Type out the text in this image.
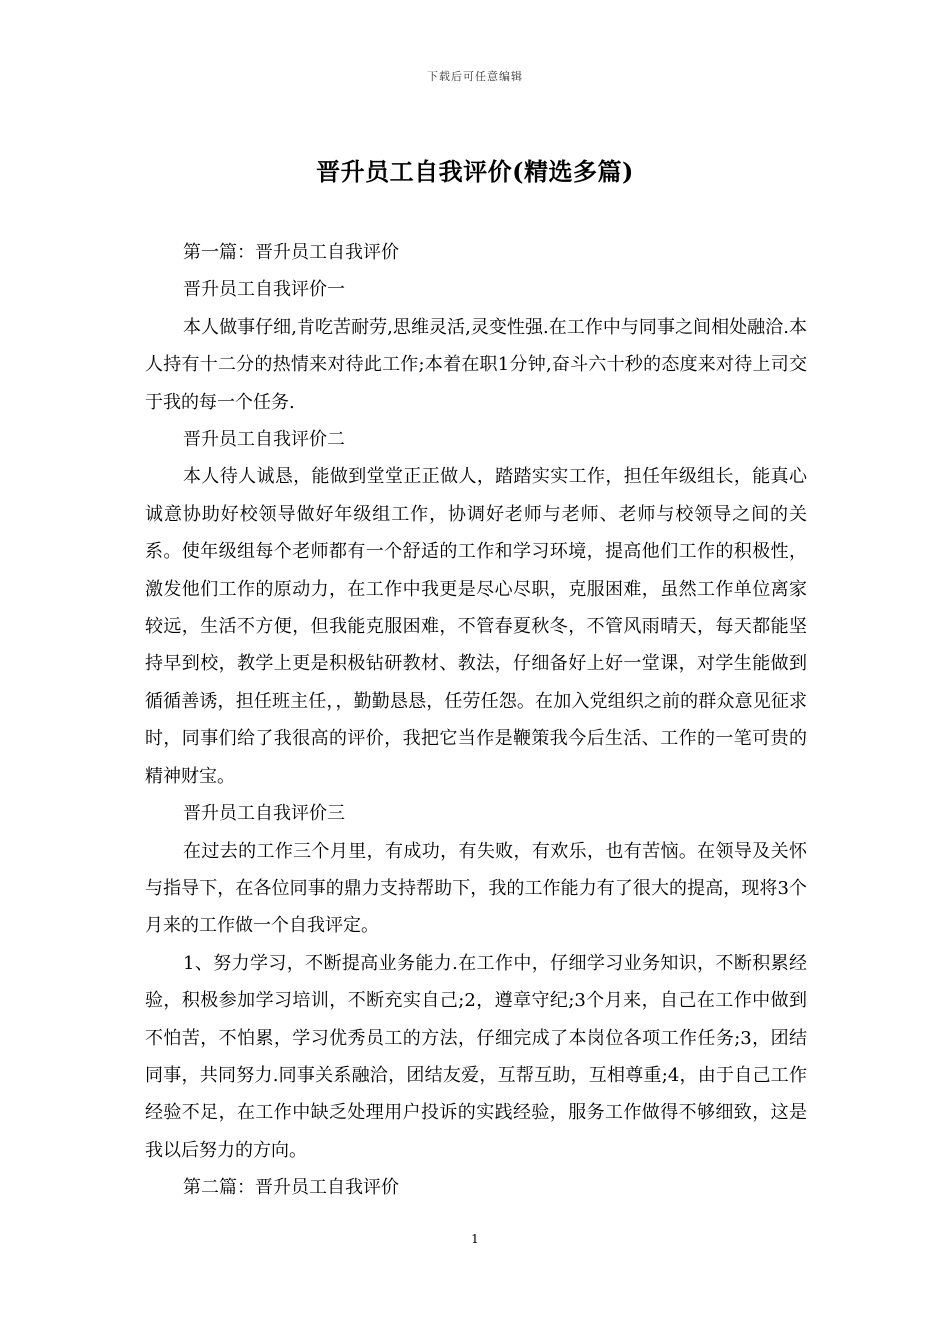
下载后可任意编辑
晋升员工自我评价(精选多篇)

第一篇：晋升员工自我评价

晋升员工自我评价一

本人做事仔细,肯吃苦耐劳,思维灵活,灵变性强.在工作中与同事之间相处融洽.本人持有十二分的热情来对待此工作;本着在职1分钟,奋斗六十秒的态度来对待上司交于我的每一个任务.

晋升员工自我评价二

本人待人诚恳，能做到堂堂正正做人，踏踏实实工作，担任年级组长，能真心诚意协助好校领导做好年级组工作，协调好老师与老师、老师与校领导之间的关系。使年级组每个老师都有一个舒适的工作和学习环境，提高他们工作的积极性，激发他们工作的原动力，在工作中我更是尽心尽职，克服困难，虽然工作单位离家较远，生活不方便，但我能克服困难，不管春夏秋冬，不管风雨晴天，每天都能坚持早到校，教学上更是积极钻研教材、教法，仔细备好上好一堂课，对学生能做到循循善诱，担任班主任，，勤勤恳恳，任劳任怨。在加入党组织之前的群众意见征求时，同事们给了我很高的评价，我把它当作是鞭策我今后生活、工作的一笔可贵的精神财宝。

晋升员工自我评价三

在过去的工作三个月里，有成功，有失败，有欢乐，也有苦恼。在领导及关怀与指导下，在各位同事的鼎力支持帮助下，我的工作能力有了很大的提高，现将3个月来的工作做一个自我评定。

1、努力学习，不断提高业务能力.在工作中，仔细学习业务知识，不断积累经验，积极参加学习培训，不断充实自己;2，遵章守纪;3个月来，自己在工作中做到不怕苦，不怕累，学习优秀员工的方法，仔细完成了本岗位各项工作任务;3，团结同事，共同努力.同事关系融洽，团结友爱，互帮互助，互相尊重;4，由于自己工作经验不足，在工作中缺乏处理用户投诉的实践经验，服务工作做得不够细致，这是我以后努力的方向。

第二篇：晋升员工自我评价

1
